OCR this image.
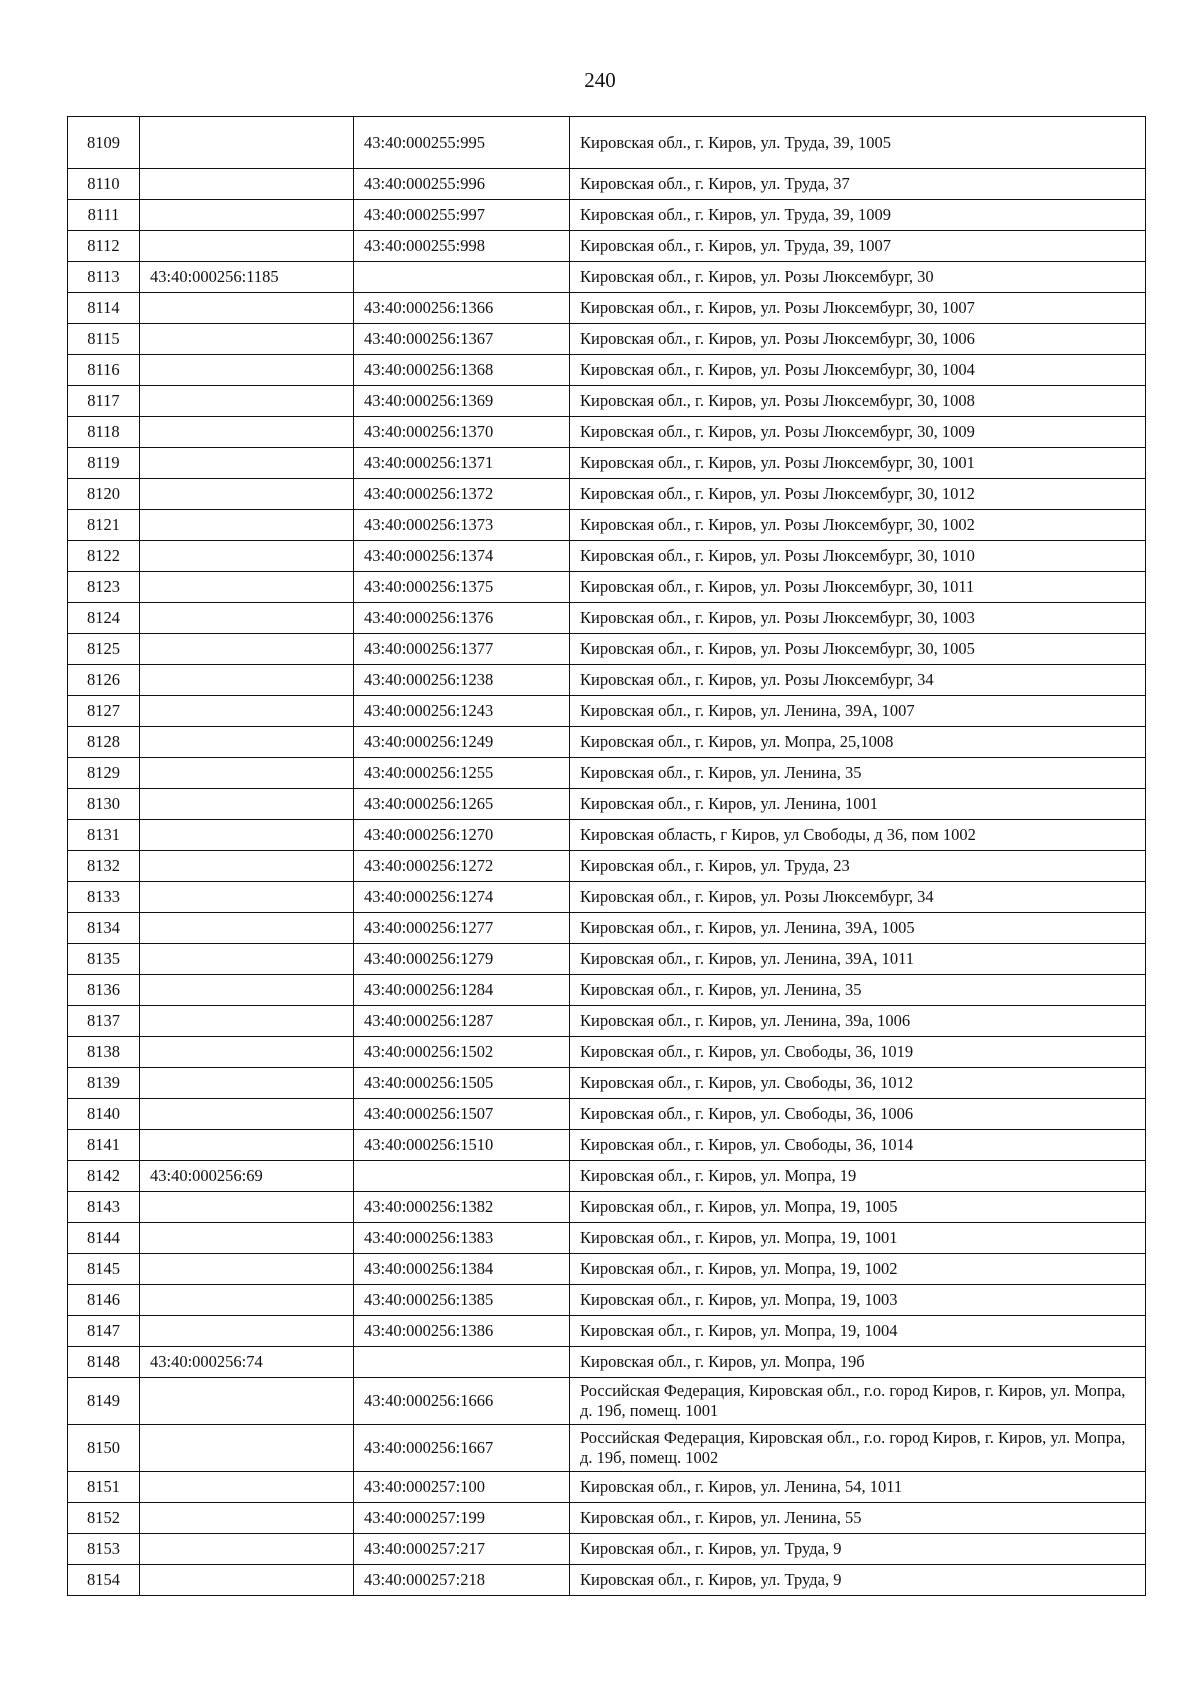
240
8109		43:40:000255:995	Кировская обл., г. Киров, ул. Труда, 39, 1005
8110		43:40:000255:996	Кировская обл., г. Киров, ул. Труда, 37
8111		43:40:000255:997	Кировская обл., г. Киров, ул. Труда, 39, 1009
8112		43:40:000255:998	Кировская обл., г. Киров, ул. Труда, 39, 1007
8113	43:40:000256:1185		Кировская обл., г. Киров, ул. Розы Люксембург, 30
8114		43:40:000256:1366	Кировская обл., г. Киров, ул. Розы Люксембург, 30, 1007
8115		43:40:000256:1367	Кировская обл., г. Киров, ул. Розы Люксембург, 30, 1006
8116		43:40:000256:1368	Кировская обл., г. Киров, ул. Розы Люксембург, 30, 1004
8117		43:40:000256:1369	Кировская обл., г. Киров, ул. Розы Люксембург, 30, 1008
8118		43:40:000256:1370	Кировская обл., г. Киров, ул. Розы Люксембург, 30, 1009
8119		43:40:000256:1371	Кировская обл., г. Киров, ул. Розы Люксембург, 30, 1001
8120		43:40:000256:1372	Кировская обл., г. Киров, ул. Розы Люксембург, 30, 1012
8121		43:40:000256:1373	Кировская обл., г. Киров, ул. Розы Люксембург, 30, 1002
8122		43:40:000256:1374	Кировская обл., г. Киров, ул. Розы Люксембург, 30, 1010
8123		43:40:000256:1375	Кировская обл., г. Киров, ул. Розы Люксембург, 30, 1011
8124		43:40:000256:1376	Кировская обл., г. Киров, ул. Розы Люксембург, 30, 1003
8125		43:40:000256:1377	Кировская обл., г. Киров, ул. Розы Люксембург, 30, 1005
8126		43:40:000256:1238	Кировская обл., г. Киров, ул. Розы Люксембург, 34
8127		43:40:000256:1243	Кировская обл., г. Киров, ул. Ленина, 39А, 1007
8128		43:40:000256:1249	Кировская обл., г. Киров, ул. Мопра, 25,1008
8129		43:40:000256:1255	Кировская обл., г. Киров, ул. Ленина, 35
8130		43:40:000256:1265	Кировская обл., г. Киров, ул. Ленина, 1001
8131		43:40:000256:1270	Кировская область, г Киров, ул Свободы, д 36, пом 1002
8132		43:40:000256:1272	Кировская обл., г. Киров, ул. Труда, 23
8133		43:40:000256:1274	Кировская обл., г. Киров, ул. Розы Люксембург, 34
8134		43:40:000256:1277	Кировская обл., г. Киров, ул. Ленина, 39А, 1005
8135		43:40:000256:1279	Кировская обл., г. Киров, ул. Ленина, 39А, 1011
8136		43:40:000256:1284	Кировская обл., г. Киров, ул. Ленина, 35
8137		43:40:000256:1287	Кировская обл., г. Киров, ул. Ленина, 39а, 1006
8138		43:40:000256:1502	Кировская обл., г. Киров, ул. Свободы, 36, 1019
8139		43:40:000256:1505	Кировская обл., г. Киров, ул. Свободы, 36, 1012
8140		43:40:000256:1507	Кировская обл., г. Киров, ул. Свободы, 36, 1006
8141		43:40:000256:1510	Кировская обл., г. Киров, ул. Свободы, 36, 1014
8142	43:40:000256:69		Кировская обл., г. Киров, ул. Мопра, 19
8143		43:40:000256:1382	Кировская обл., г. Киров, ул. Мопра, 19, 1005
8144		43:40:000256:1383	Кировская обл., г. Киров, ул. Мопра, 19, 1001
8145		43:40:000256:1384	Кировская обл., г. Киров, ул. Мопра, 19, 1002
8146		43:40:000256:1385	Кировская обл., г. Киров, ул. Мопра, 19, 1003
8147		43:40:000256:1386	Кировская обл., г. Киров, ул. Мопра, 19, 1004
8148	43:40:000256:74		Кировская обл., г. Киров, ул. Мопра, 19б
8149		43:40:000256:1666	Российская Федерация, Кировская обл., г.о. город Киров, г. Киров, ул. Мопра, д. 19б, помещ. 1001
8150		43:40:000256:1667	Российская Федерация, Кировская обл., г.о. город Киров, г. Киров, ул. Мопра, д. 19б, помещ. 1002
8151		43:40:000257:100	Кировская обл., г. Киров, ул. Ленина, 54, 1011
8152		43:40:000257:199	Кировская обл., г. Киров, ул. Ленина, 55
8153		43:40:000257:217	Кировская обл., г. Киров, ул. Труда, 9
8154		43:40:000257:218	Кировская обл., г. Киров, ул. Труда, 9
